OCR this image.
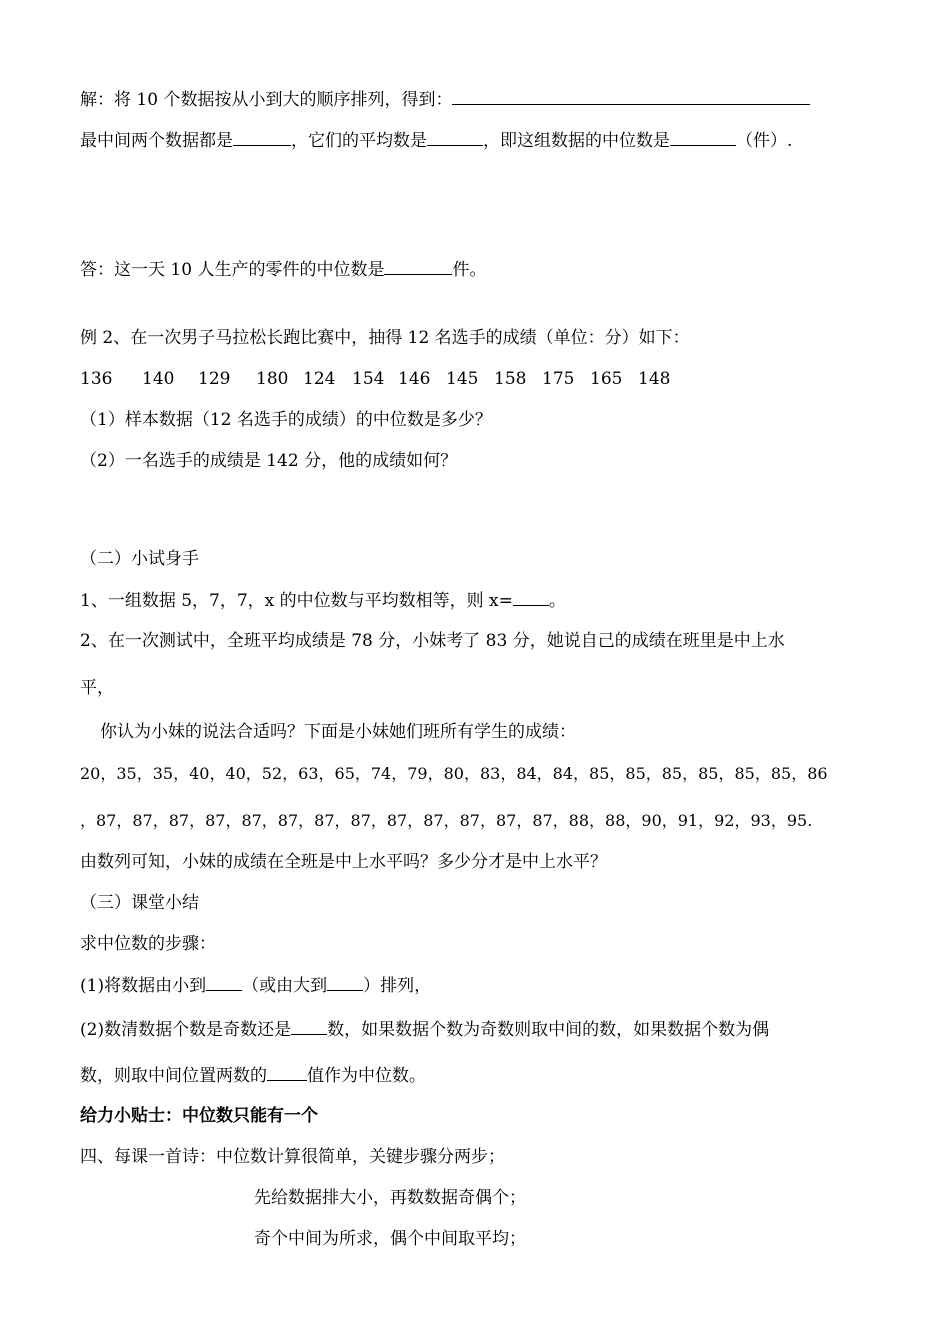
解：将 10 个数据按从小到大的顺序排列，得到：
最中间两个数据都是	，它们的平均数是	，即这组数据的中位数是	（件）.
答：这一天 10 人生产的零件的中位数是	件。
例 2、在一次男子马拉松长跑比赛中，抽得 12 名选手的成绩（单位：分）如下：
136 140 129 180 124 154 146 145 158 175 165 148
（1）样本数据（12 名选手的成绩）的中位数是多少？
（2）一名选手的成绩是 142 分，他的成绩如何？
（二）小试身手
1、一组数据 5，7，7，x 的中位数与平均数相等，则 x= 。
2、在一次测试中，全班平均成绩是 78 分，小妹考了 83 分，她说自己的成绩在班里是中上水
平，
你认为小妹的说法合适吗？下面是小妹她们班所有学生的成绩：
20，35，35，40，40，52，63，65，74，79，80，83，84，84，85，85，85，85，85，85，86
，87，87，87，87，87，87，87，87，87，87，87，87，87，88，88，90，91，92，93，95.
由数列可知，小妹的成绩在全班是中上水平吗？多少分才是中上水平？
（三）课堂小结
求中位数的步骤：
(1)将数据由小到 （或由大到 ）排列，
(2)数清数据个数是奇数还是 数，如果数据个数为奇数则取中间的数，如果数据个数为偶
数，则取中间位置两数的 值作为中位数。
给力小贴士：中位数只能有一个
四、每课一首诗：中位数计算很简单，关键步骤分两步；
先给数据排大小，再数数据奇偶个；
奇个中间为所求，偶个中间取平均；
